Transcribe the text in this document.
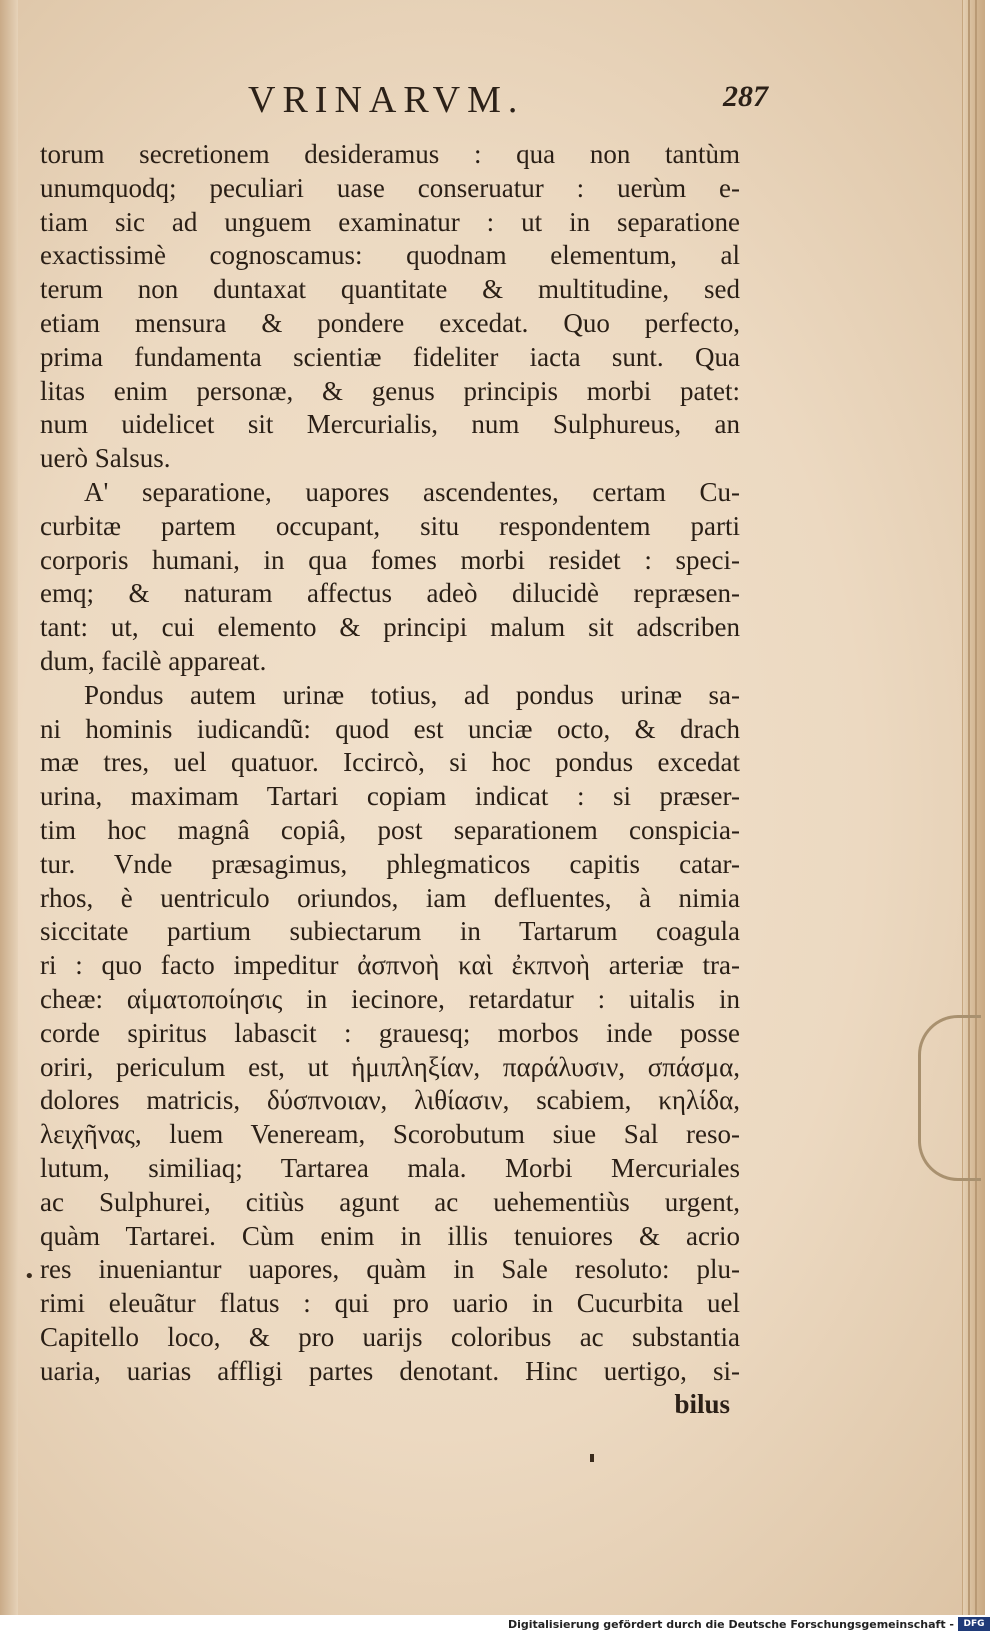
VRINARVM.	287
torum secretionem desideramus : qua non tantùm
unumquodq; peculiari uase conseruatur : uerùm e-
tiam sic ad unguem examinatur : ut in separatione
exactissimè cognoscamus: quodnam elementum, al
terum non duntaxat quantitate & multitudine, sed
etiam mensura & pondere excedat. Quo perfecto,
prima fundamenta scientiæ fideliter iacta sunt. Qua
litas enim personæ, & genus principis morbi patet:
num uidelicet sit Mercurialis, num Sulphureus, an
uerò Salsus.
A' separatione, uapores ascendentes, certam Cu-
curbitæ partem occupant, situ respondentem parti
corporis humani, in qua fomes morbi residet : speci-
emq; & naturam affectus adeò dilucidè repræsen-
tant: ut, cui elemento & principi malum sit adscriben
dum, facilè appareat.
Pondus autem urinæ totius, ad pondus urinæ sa-
ni hominis iudicandũ: quod est unciæ octo, & drach
mæ tres, uel quatuor. Iccircò, si hoc pondus excedat
urina, maximam Tartari copiam indicat : si præser-
tim hoc magnâ copiâ, post separationem conspicia-
tur. Vnde præsagimus, phlegmaticos capitis catar-
rhos, è uentriculo oriundos, iam defluentes, à nimia
siccitate partium subiectarum in Tartarum coagula
ri : quo facto impeditur ἀσπνοὴ καὶ ἐκπνοὴ arteriæ tra-
cheæ: αἱματοποίησις in iecinore, retardatur : uitalis in
corde spiritus labascit : grauesq; morbos inde posse
oriri, periculum est, ut ἡμιπληξίαν, παράλυσιν, σπάσμα,
dolores matricis, δύσπνοιαν, λιθίασιν, scabiem, κηλίδα,
λειχῆνας, luem Veneream, Scorobutum siue Sal reso-
lutum, similiaq; Tartarea mala. Morbi Mercuriales
ac Sulphurei, citiùs agunt ac uehementiùs urgent,
quàm Tartarei. Cùm enim in illis tenuiores & acrio
res inueniantur uapores, quàm in Sale resoluto: plu-
rimi eleuãtur flatus : qui pro uario in Cucurbita uel
Capitello loco, & pro uarijs coloribus ac substantia
uaria, uarias affligi partes denotant. Hinc uertigo, si-
bilus
•
Digitalisierung gefördert durch die Deutsche Forschungsgemeinschaft -	DFG
